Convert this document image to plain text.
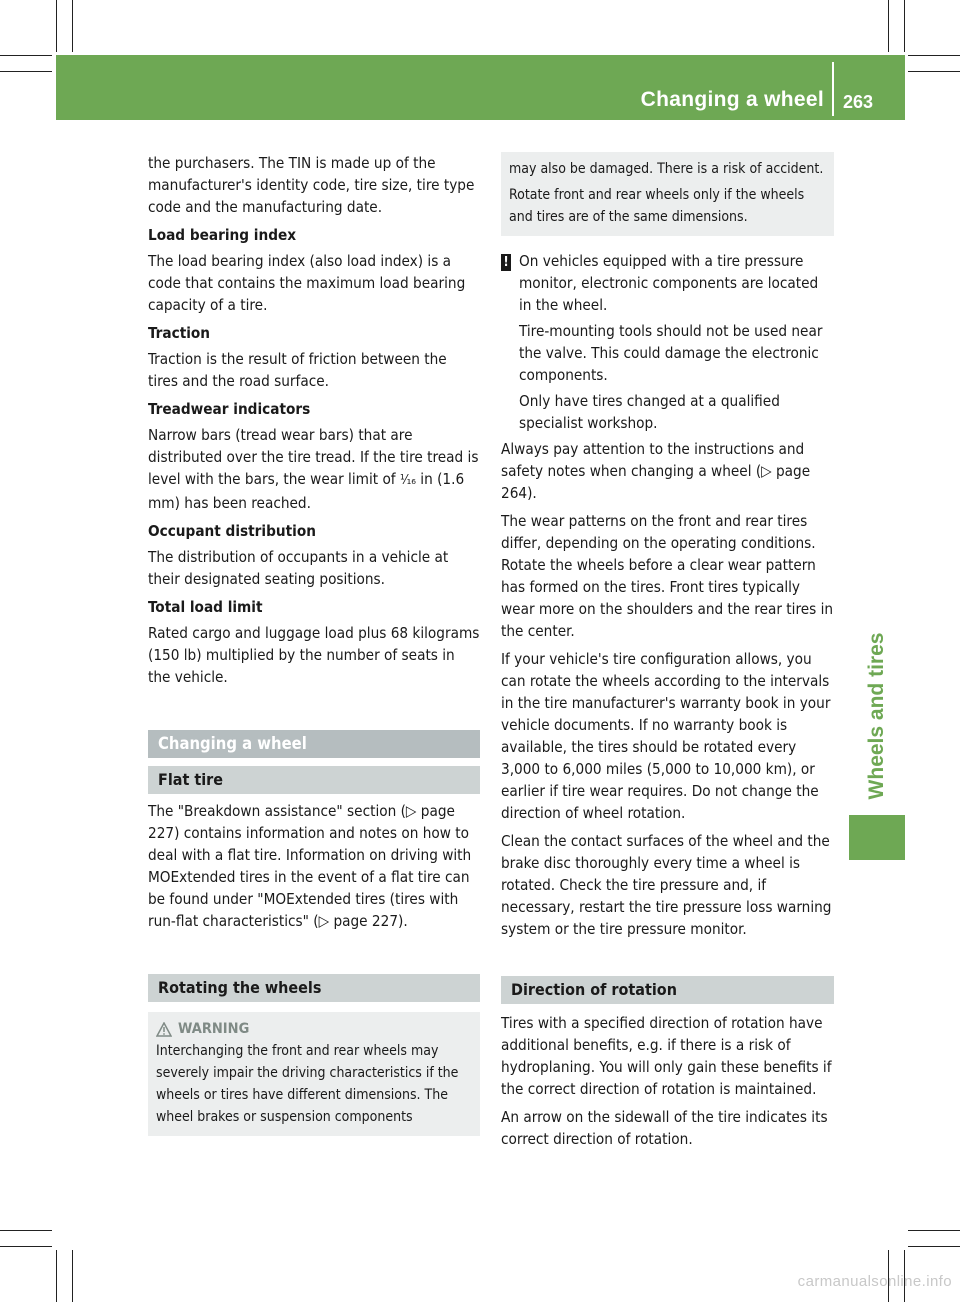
Changing a wheel 263
Wheels and tires

the purchasers. The TIN is made up of the manufacturer's identity code, tire size, tire type code and the manufacturing date.

Load bearing index

The load bearing index (also load index) is a code that contains the maximum load bearing capacity of a tire.

Traction

Traction is the result of friction between the tires and the road surface.

Treadwear indicators

Narrow bars (tread wear bars) that are distributed over the tire tread. If the tire tread is level with the bars, the wear limit of ¹⁄₁₆ in (1.6 mm) has been reached.

Occupant distribution

The distribution of occupants in a vehicle at their designated seating positions.

Total load limit

Rated cargo and luggage load plus 68 kilograms (150 lb) multiplied by the number of seats in the vehicle.

Changing a wheel
Flat tire

The "Breakdown assistance" section (▷ page 227) contains information and notes on how to deal with a flat tire. Information on driving with MOExtended tires in the event of a flat tire can be found under "MOExtended tires (tires with run-flat characteristics" (▷ page 227).

Rotating the wheels
WARNING

Interchanging the front and rear wheels may severely impair the driving characteristics if the wheels or tires have different dimensions. The wheel brakes or suspension components

may also be damaged. There is a risk of accident.

Rotate front and rear wheels only if the wheels and tires are of the same dimensions.

! On vehicles equipped with a tire pressure monitor, electronic components are located in the wheel.

Tire-mounting tools should not be used near the valve. This could damage the electronic components.

Only have tires changed at a qualified specialist workshop.

Always pay attention to the instructions and safety notes when changing a wheel (▷ page 264).

The wear patterns on the front and rear tires differ, depending on the operating conditions. Rotate the wheels before a clear wear pattern has formed on the tires. Front tires typically wear more on the shoulders and the rear tires in the center.

If your vehicle's tire configuration allows, you can rotate the wheels according to the intervals in the tire manufacturer's warranty book in your vehicle documents. If no warranty book is available, the tires should be rotated every 3,000 to 6,000 miles (5,000 to 10,000 km), or earlier if tire wear requires. Do not change the direction of wheel rotation.

Clean the contact surfaces of the wheel and the brake disc thoroughly every time a wheel is rotated. Check the tire pressure and, if necessary, restart the tire pressure loss warning system or the tire pressure monitor.

Direction of rotation

Tires with a specified direction of rotation have additional benefits, e.g. if there is a risk of hydroplaning. You will only gain these benefits if the correct direction of rotation is maintained.

An arrow on the sidewall of the tire indicates its correct direction of rotation.

carmanualsonline.info
